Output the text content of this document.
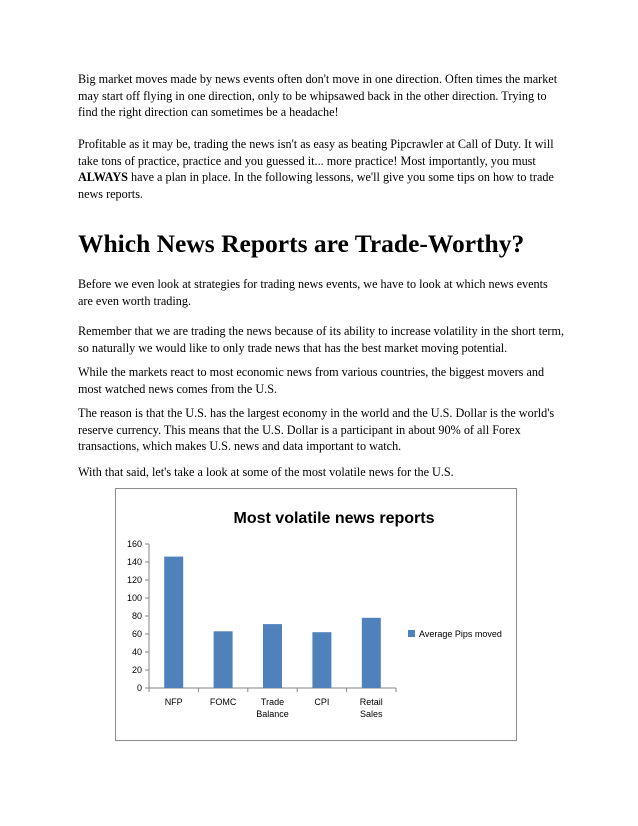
Big market moves made by news events often don't move in one direction. Often times the market may start off flying in one direction, only to be whipsawed back in the other direction. Trying to find the right direction can sometimes be a headache!

Profitable as it may be, trading the news isn't as easy as beating Pipcrawler at Call of Duty. It will take tons of practice, practice and you guessed it... more practice! Most importantly, you must ALWAYS have a plan in place. In the following lessons, we'll give you some tips on how to trade news reports.

Which News Reports are Trade-Worthy?

Before we even look at strategies for trading news events, we have to look at which news events are even worth trading.

Remember that we are trading the news because of its ability to increase volatility in the short term, so naturally we would like to only trade news that has the best market moving potential.

While the markets react to most economic news from various countries, the biggest movers and most watched news comes from the U.S.

The reason is that the U.S. has the largest economy in the world and the U.S. Dollar is the world's reserve currency. This means that the U.S. Dollar is a participant in about 90% of all Forex transactions, which makes U.S. news and data important to watch.

With that said, let's take a look at some of the most volatile news for the U.S.

Most volatile news reports
0
20
40
60
80
100
120
140
160
NFP	FOMC	Trade
Balance
CPI	Retail
Sales
Average Pips moved
